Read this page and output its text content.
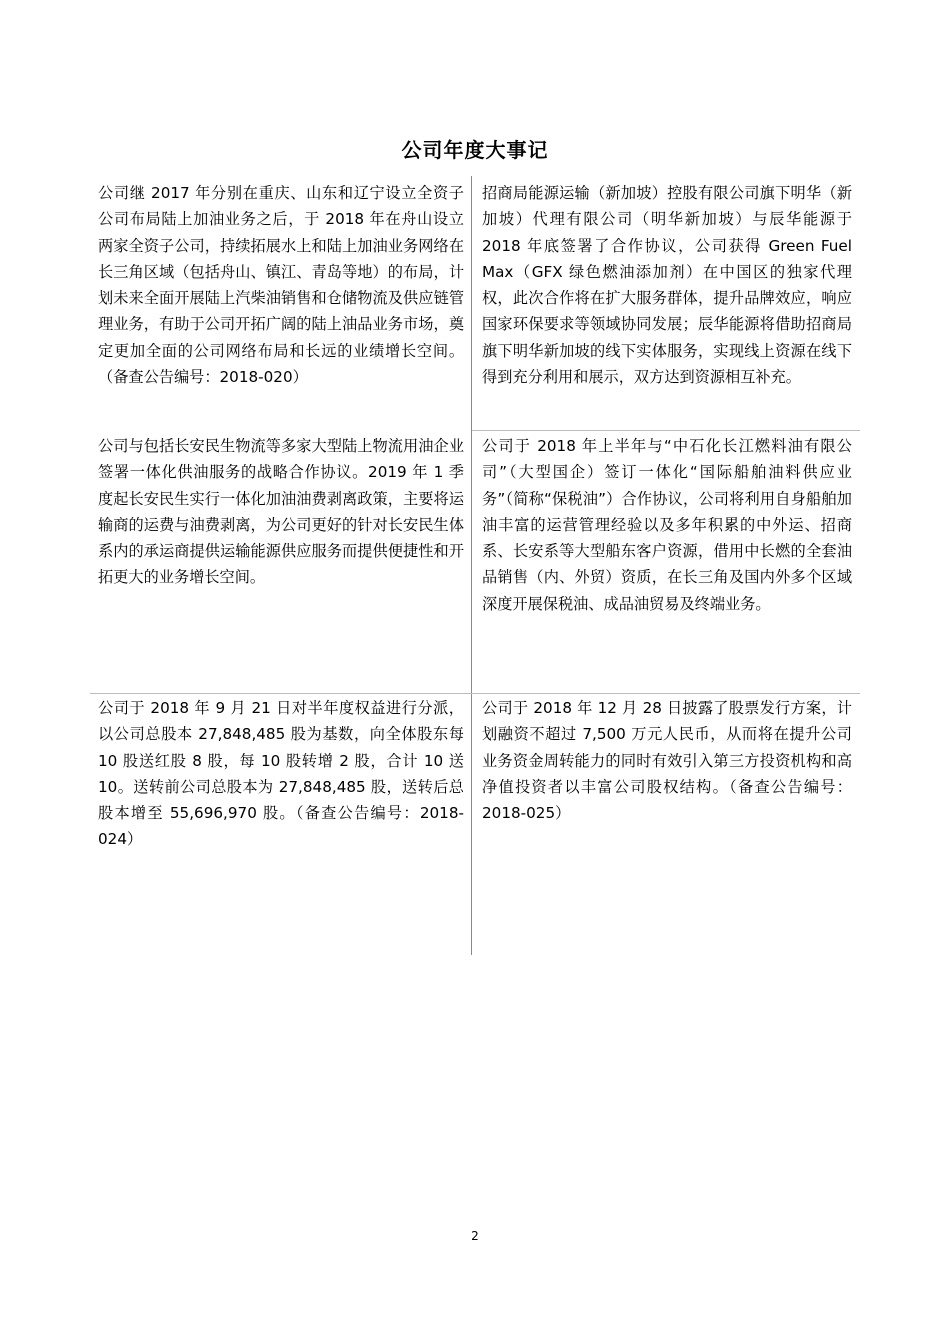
公司年度大事记
公司继 2017 年分别在重庆、山东和辽宁设立全资子公司布局陆上加油业务之后，于 2018 年在舟山设立两家全资子公司，持续拓展水上和陆上加油业务网络在长三角区域（包括舟山、镇江、青岛等地）的布局，计划未来全面开展陆上汽柴油销售和仓储物流及供应链管理业务，有助于公司开拓广阔的陆上油品业务市场，奠定更加全面的公司网络布局和长远的业绩增长空间。（备查公告编号：2018-020）
招商局能源运输（新加坡）控股有限公司旗下明华（新加坡）代理有限公司（明华新加坡）与辰华能源于 2018 年底签署了合作协议，公司获得 Green Fuel Max（GFX 绿色燃油添加剂）在中国区的独家代理权，此次合作将在扩大服务群体，提升品牌效应，响应国家环保要求等领域协同发展；辰华能源将借助招商局旗下明华新加坡的线下实体服务，实现线上资源在线下得到充分利用和展示，双方达到资源相互补充。
公司与包括长安民生物流等多家大型陆上物流用油企业签署一体化供油服务的战略合作协议。2019 年 1 季度起长安民生实行一体化加油油费剥离政策，主要将运输商的运费与油费剥离，为公司更好的针对长安民生体系内的承运商提供运输能源供应服务而提供便捷性和开拓更大的业务增长空间。
公司于 2018 年上半年与“中石化长江燃料油有限公司”（大型国企）签订一体化“国际船舶油料供应业务”（简称“保税油”）合作协议，公司将利用自身船舶加油丰富的运营管理经验以及多年积累的中外运、招商系、长安系等大型船东客户资源，借用中长燃的全套油品销售（内、外贸）资质，在长三角及国内外多个区域深度开展保税油、成品油贸易及终端业务。
公司于 2018 年 9 月 21 日对半年度权益进行分派，以公司总股本 27,848,485 股为基数，向全体股东每 10 股送红股 8 股，每 10 股转增 2 股，合计 10 送 10。送转前公司总股本为 27,848,485 股，送转后总股本增至 55,696,970 股。（备查公告编号：2018-024）
公司于 2018 年 12 月 28 日披露了股票发行方案，计划融资不超过 7,500 万元人民币，从而将在提升公司业务资金周转能力的同时有效引入第三方投资机构和高净值投资者以丰富公司股权结构。（备查公告编号：2018-025）
2
